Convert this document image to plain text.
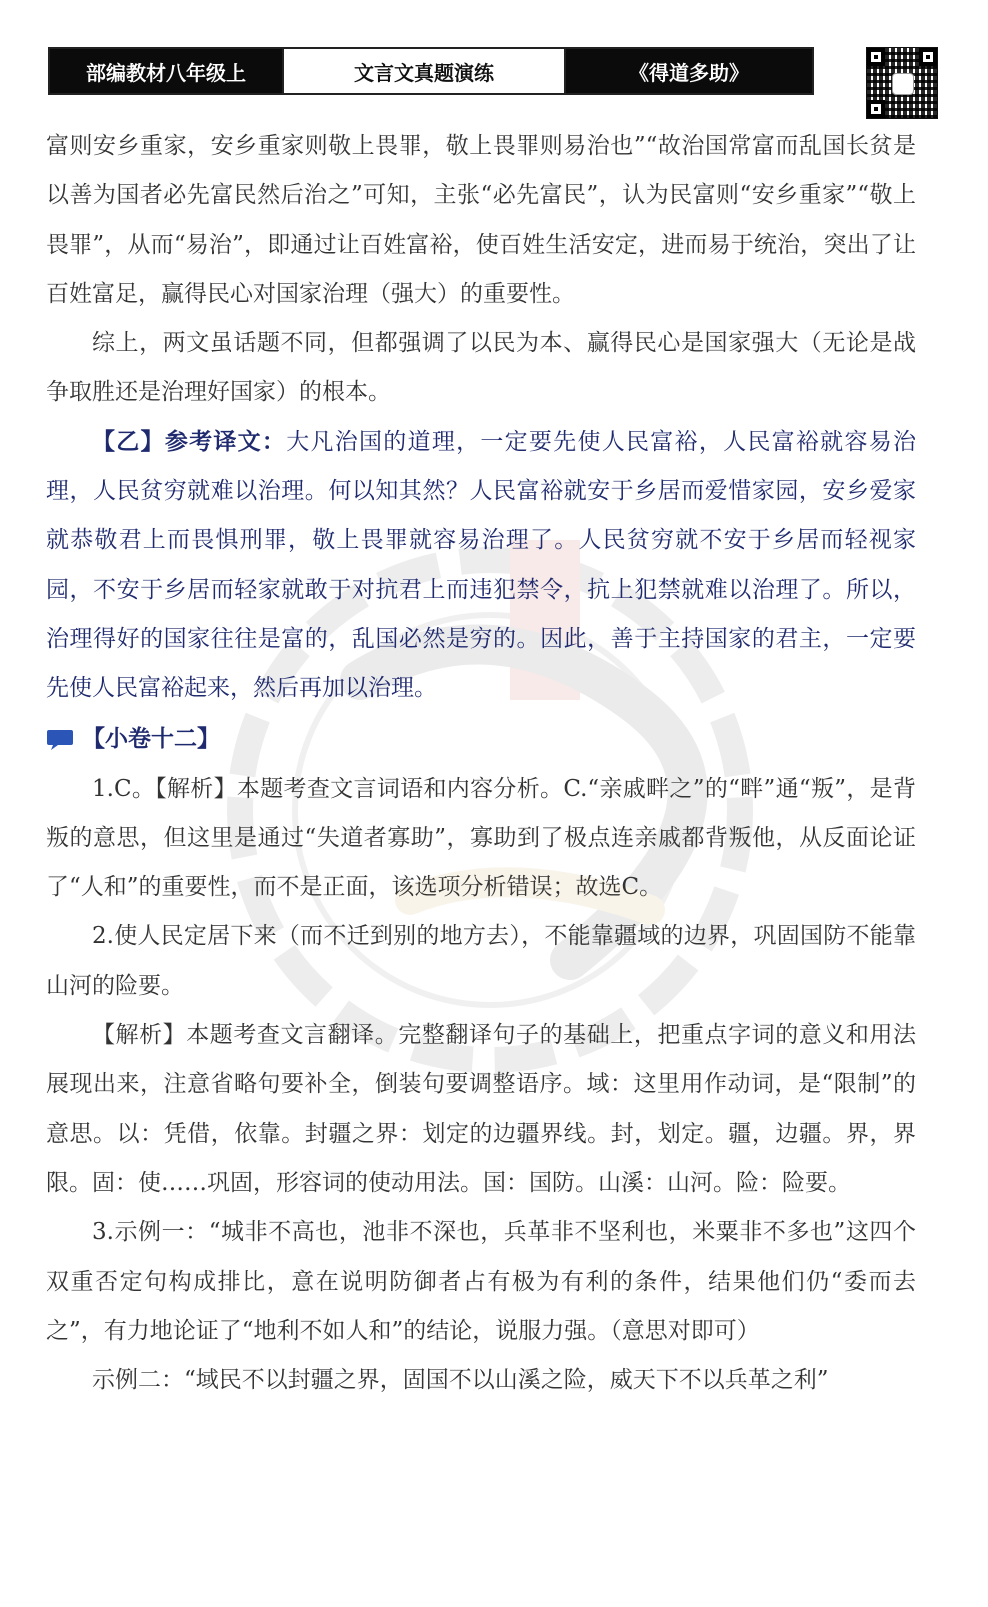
部编教材八年级上	文言文真题演练	《得道多助》

富则安乡重家，安乡重家则敬上畏罪，敬上畏罪则易治也”“故治国常富而乱国长贫是以善为国者必先富民然后治之”可知，主张“必先富民”，认为民富则“安乡重家”“敬上畏罪”，从而“易治”，即通过让百姓富裕，使百姓生活安定，进而易于统治，突出了让百姓富足，赢得民心对国家治理（强大）的重要性。

综上，两文虽话题不同，但都强调了以民为本、赢得民心是国家强大（无论是战争取胜还是治理好国家）的根本。

【乙】参考译文：大凡治国的道理，一定要先使人民富裕，人民富裕就容易治理，人民贫穷就难以治理。何以知其然？人民富裕就安于乡居而爱惜家园，安乡爱家就恭敬君上而畏惧刑罪，敬上畏罪就容易治理了。人民贫穷就不安于乡居而轻视家园，不安于乡居而轻家就敢于对抗君上而违犯禁令，抗上犯禁就难以治理了。所以，治理得好的国家往往是富的，乱国必然是穷的。因此，善于主持国家的君主，一定要先使人民富裕起来，然后再加以治理。

【小卷十二】

1.C。【解析】本题考查文言词语和内容分析。C.“亲戚畔之”的“畔”通“叛”，是背叛的意思，但这里是通过“失道者寡助”，寡助到了极点连亲戚都背叛他，从反面论证了“人和”的重要性，而不是正面，该选项分析错误；故选C。

2.使人民定居下来（而不迁到别的地方去），不能靠疆域的边界，巩固国防不能靠山河的险要。

【解析】本题考查文言翻译。完整翻译句子的基础上，把重点字词的意义和用法展现出来，注意省略句要补全，倒装句要调整语序。域：这里用作动词，是“限制”的意思。以：凭借，依靠。封疆之界：划定的边疆界线。封，划定。疆，边疆。界，界限。固：使……巩固，形容词的使动用法。国：国防。山溪：山河。险：险要。

3.示例一：“城非不高也，池非不深也，兵革非不坚利也，米粟非不多也”这四个双重否定句构成排比，意在说明防御者占有极为有利的条件，结果他们仍“委而去之”，有力地论证了“地利不如人和”的结论，说服力强。（意思对即可）

示例二：“域民不以封疆之界，固国不以山溪之险，威天下不以兵革之利”
